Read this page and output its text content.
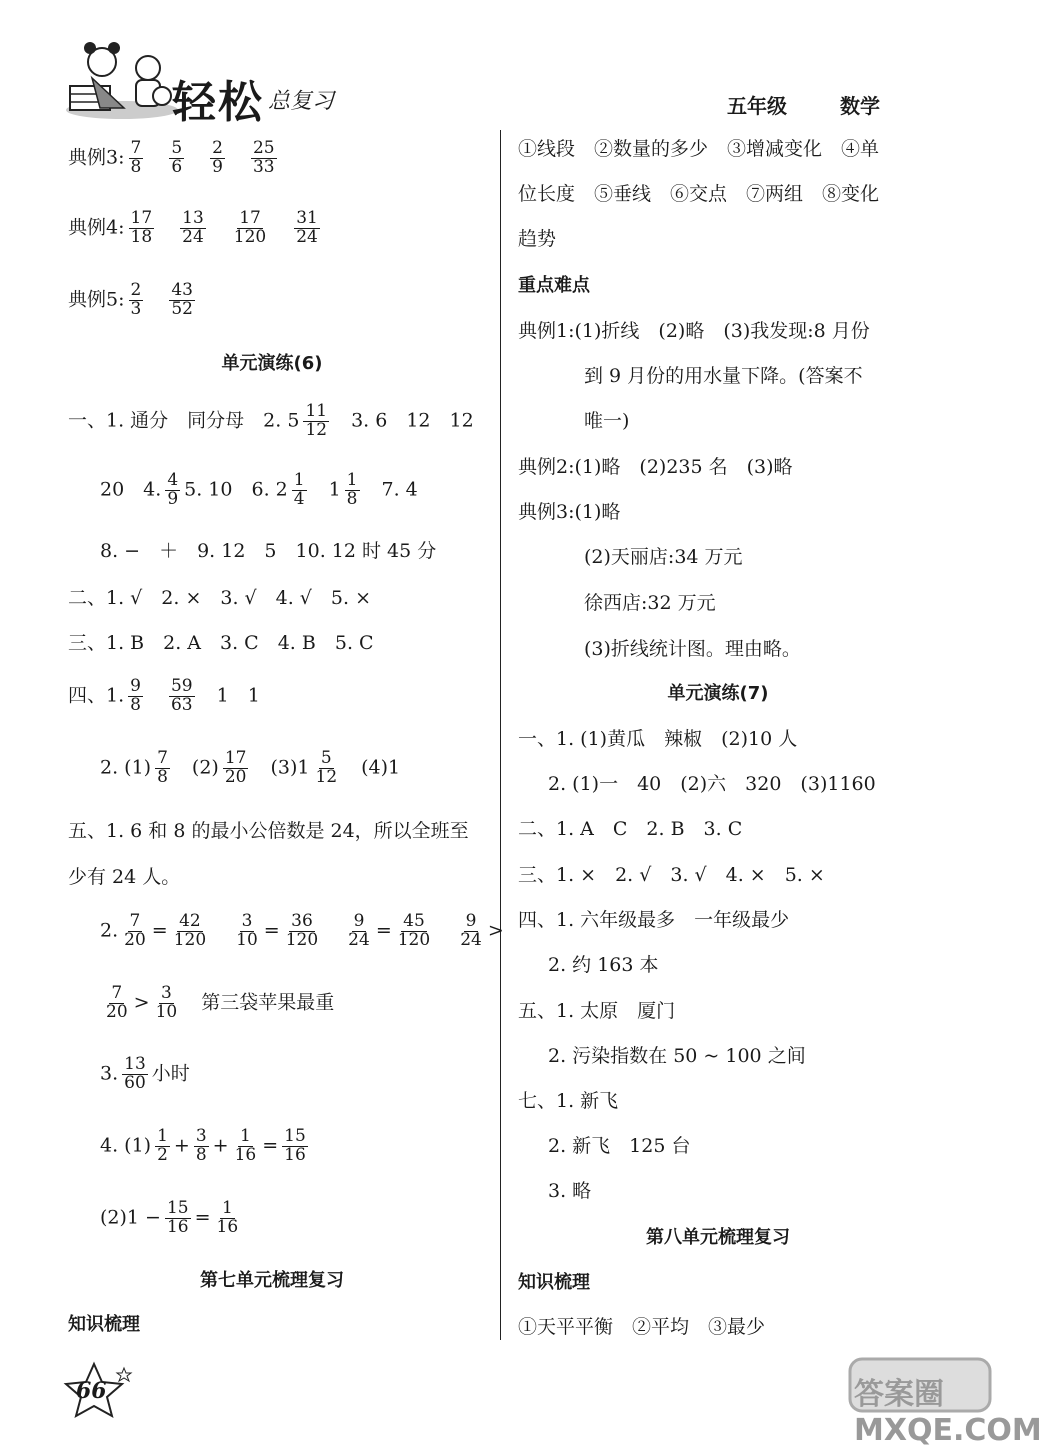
轻松 总复习	五年级	数学
典例3: $\frac{7}{8} \frac{5}{6} \frac{2}{9} \frac{25}{33}$
典例4: $\frac{17}{18} \frac{13}{24} \frac{17}{120} \frac{31}{24}$
典例5: $\frac{2}{3} \frac{43}{52}$
单元演练(6)
一、1. 通分　同分母　2. $5 \frac{11}{12} 3$. 6　12　12
20　4. $\frac{4}{9} 5$. 10　6. $2 \frac{1}{4} 1 \frac{1}{8} 7$. 4
8. −　＋　9. 12　5　10. 12 时 45 分
二、1. √　2. ×　3. √　4. √　5. ×
三、1. B　2. A　3. C　4. B　5. C
四、1. $\frac{9}{8} \frac{59}{63} 1$　1
2. $(1) \frac{7}{8} (2) \frac{17}{20} (3)1 \frac{5}{12} (4)1$
五、1. 6 和 8 的最小公倍数是 24，所以全班至
少有 24 人。
2. $\frac{7}{20} = \frac{42}{120} \frac{3}{10} = \frac{36}{120} \frac{9}{24} = \frac{45}{120} \frac{9}{24}$ >
$\frac{7}{20} > \frac{3}{10}$ 第三袋苹果最重
3. $\frac{13}{60}$ 小时
4. $(1) \frac{1}{2} + \frac{3}{8} + \frac{1}{16} = \frac{15}{16}$
$(2)1 - \frac{15}{16} = \frac{1}{16}$
第七单元梳理复习
知识梳理
66
①线段　②数量的多少　③增减变化　④单
位长度　⑤垂线　⑥交点　⑦两组　⑧变化
趋势
重点难点
典例1:(1)折线　(2)略　(3)我发现:8 月份
到 9 月份的用水量下降。(答案不
唯一)
典例2:(1)略　(2)235 名　(3)略
典例3:(1)略
(2)天丽店:34 万元
徐西店:32 万元
(3)折线统计图。理由略。
单元演练(7)
一、1. (1)黄瓜　辣椒　(2)10 人
2. (1)一　40　(2)六　320　(3)1160
二、1. A　C　2. B　3. C
三、1. ×　2. √　3. √　4. ×　5. ×
四、1. 六年级最多　一年级最少
2. 约 163 本
五、1. 太原　厦门
2. 污染指数在 50 ~ 100 之间
七、1. 新飞
2. 新飞　125 台
3. 略
第八单元梳理复习
知识梳理
①天平平衡　②平均　③最少
答案圈 MXQE.COM
